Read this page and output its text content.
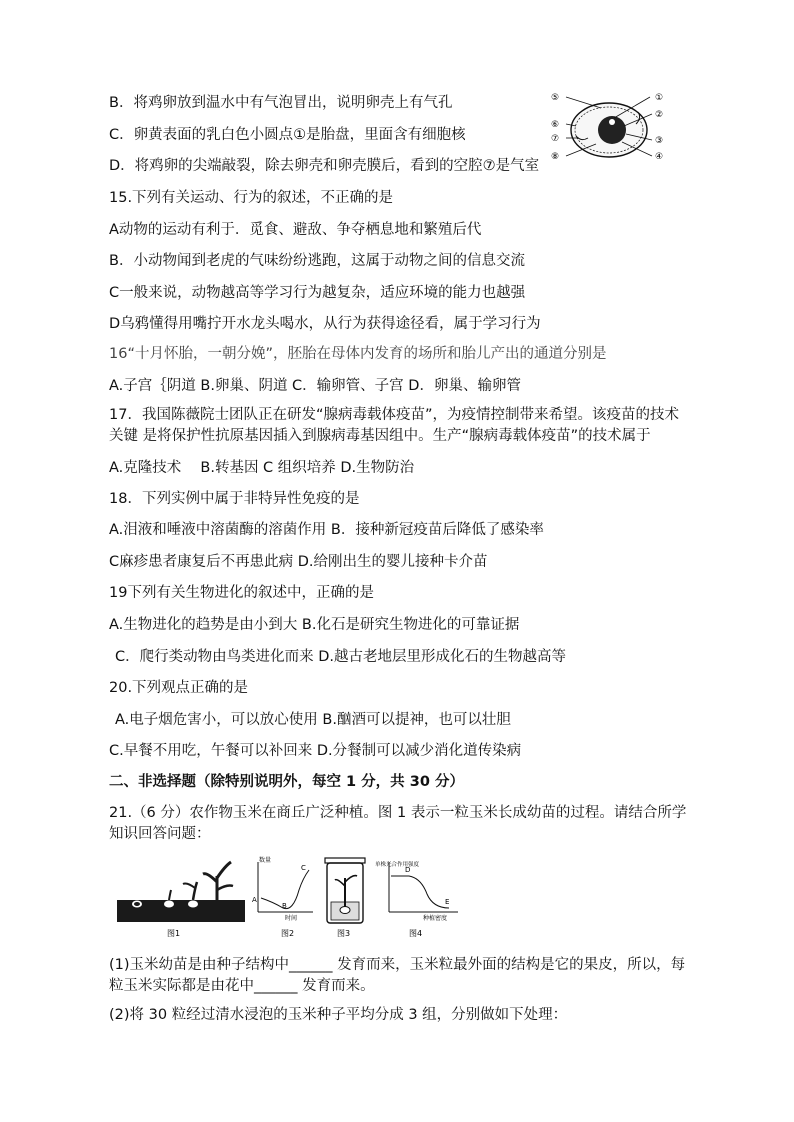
B．将鸡卵放到温水中有气泡冒出，说明卵壳上有气孔
C．卵黄表面的乳白色小圆点①是胎盘，里面含有细胞核
D．将鸡卵的尖端敲裂，除去卵壳和卵壳膜后，看到的空腔⑦是气室
⑤
⑥
⑦
⑧
①
②
③
④
15.下列有关运动、行为的叙述，不正确的是
A动物的运动有利于．觅食、避敌、争夺栖息地和繁殖后代
B．小动物闻到老虎的气味纷纷逃跑，这属于动物之间的信息交流
C一般来说，动物越高等学习行为越复杂，适应环境的能力也越强
D乌鸦懂得用嘴拧开水龙头喝水，从行为获得途径看，属于学习行为
16“十月怀胎，一朝分娩”，胚胎在母体内发育的场所和胎儿产出的通道分别是
A.子宫｛阴道 B.卵巢、阴道 C．输卵管、子宫 D．卵巢、输卵管
17．我国陈薇院士团队正在研发“腺病毒载体疫苗”，为疫情控制带来希望。该疫苗的技术关键 是将保护性抗原基因插入到腺病毒基因组中。生产“腺病毒载体疫苗”的技术属于
A.克隆技术　 B.转基因 C 组织培养 D.生物防治
18．下列实例中属于非特异性免疫的是
A.泪液和唾液中溶菌酶的溶菌作用 B．接种新冠疫苗后降低了感染率
C麻疹患者康复后不再患此病 D.给刚出生的婴儿接种卡介苗
19下列有关生物进化的叙述中，正确的是
A.生物进化的趋势是由小到大 B.化石是研究生物进化的可靠证据
C．爬行类动物由鸟类进化而来 D.越古老地层里形成化石的生物越高等
20.下列观点正确的是
A.电子烟危害小，可以放心使用 B.酗酒可以提神，也可以壮胆
C.早餐不用吃，午餐可以补回来 D.分餐制可以减少消化道传染病
二、非选择题（除特别说明外，每空 1 分，共 30 分）
21.（6 分）农作物玉米在商丘广泛种植。图 1 表示一粒玉米长成幼苗的过程。请结合所学知识回答问题：
图1
数量
时间
A
B
C
图2	图3
单株光合作用强度
种植密度
D
E
图4
(1)玉米幼苗是由种子结构中______ 发育而来，玉米粒最外面的结构是它的果皮，所以，每粒玉米实际都是由花中______ 发育而来。
(2)将 30 粒经过清水浸泡的玉米种子平均分成 3 组，分别做如下处理：
